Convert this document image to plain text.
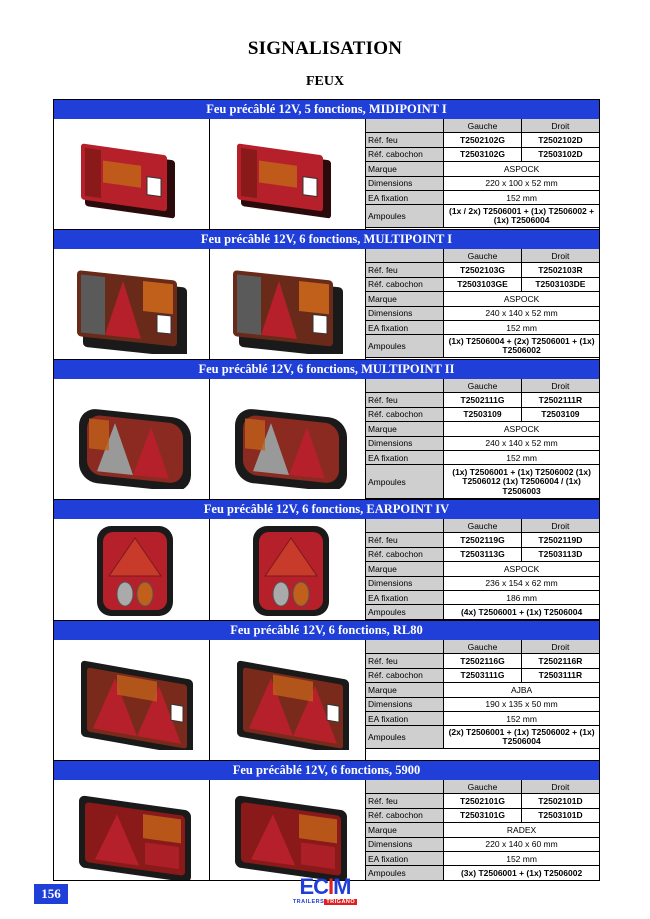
SIGNALISATION
FEUX
Feu précâblé 12V, 5 fonctions, MIDIPOINT I
	Gauche	Droit
Réf. feu	T2502102G	T2502102D
Réf. cabochon	T2503102G	T2503102D
Marque	ASPOCK	
Dimensions	220 x 100 x 52 mm	
EA fixation	152 mm	
Ampoules	(1x / 2x) T2506001 + (1x) T2506002 + (1x) T2506004	
Feu précâblé 12V, 6 fonctions, MULTIPOINT I
	Gauche	Droit
Réf. feu	T2502103G	T2502103R
Réf. cabochon	T2503103GE	T2503103DE
Marque	ASPOCK	
Dimensions	240 x 140 x 52 mm	
EA fixation	152 mm	
Ampoules	(1x) T2506004 + (2x) T2506001 + (1x) T2506002	
Feu précâblé 12V, 6 fonctions, MULTIPOINT II
	Gauche	Droit
Réf. feu	T2502111G	T2502111R
Réf. cabochon	T2503109	T2503109
Marque	ASPOCK	
Dimensions	240 x 140 x 52 mm	
EA fixation	152 mm	
Ampoules	(1x) T2506001 + (1x) T2506002 (1x) T2506012 (1x) T2506004 / (1x) T2506003	
Feu précâblé 12V, 6 fonctions, EARPOINT IV
	Gauche	Droit
Réf. feu	T2502119G	T2502119D
Réf. cabochon	T2503113G	T2503113D
Marque	ASPOCK	
Dimensions	236 x 154 x 62 mm	
EA fixation	186 mm	
Ampoules	(4x) T2506001 + (1x) T2506004	
Feu précâblé 12V, 6 fonctions, RL80
	Gauche	Droit
Réf. feu	T2502116G	T2502116R
Réf. cabochon	T2503111G	T2503111R
Marque	AJBA	
Dimensions	190 x 135 x 50 mm	
EA fixation	152 mm	
Ampoules	(2x) T2506001 + (1x) T2506002 + (1x) T2506004	
Feu précâblé 12V, 6 fonctions, 5900
	Gauche	Droit
Réf. feu	T2502101G	T2502101D
Réf. cabochon	T2503101G	T2503101D
Marque	RADEX	
Dimensions	220 x 140 x 60 mm	
EA fixation	152 mm	
Ampoules	(3x) T2506001 + (1x) T2506002	
156	ECIM
TRAILERS TRIGANO
